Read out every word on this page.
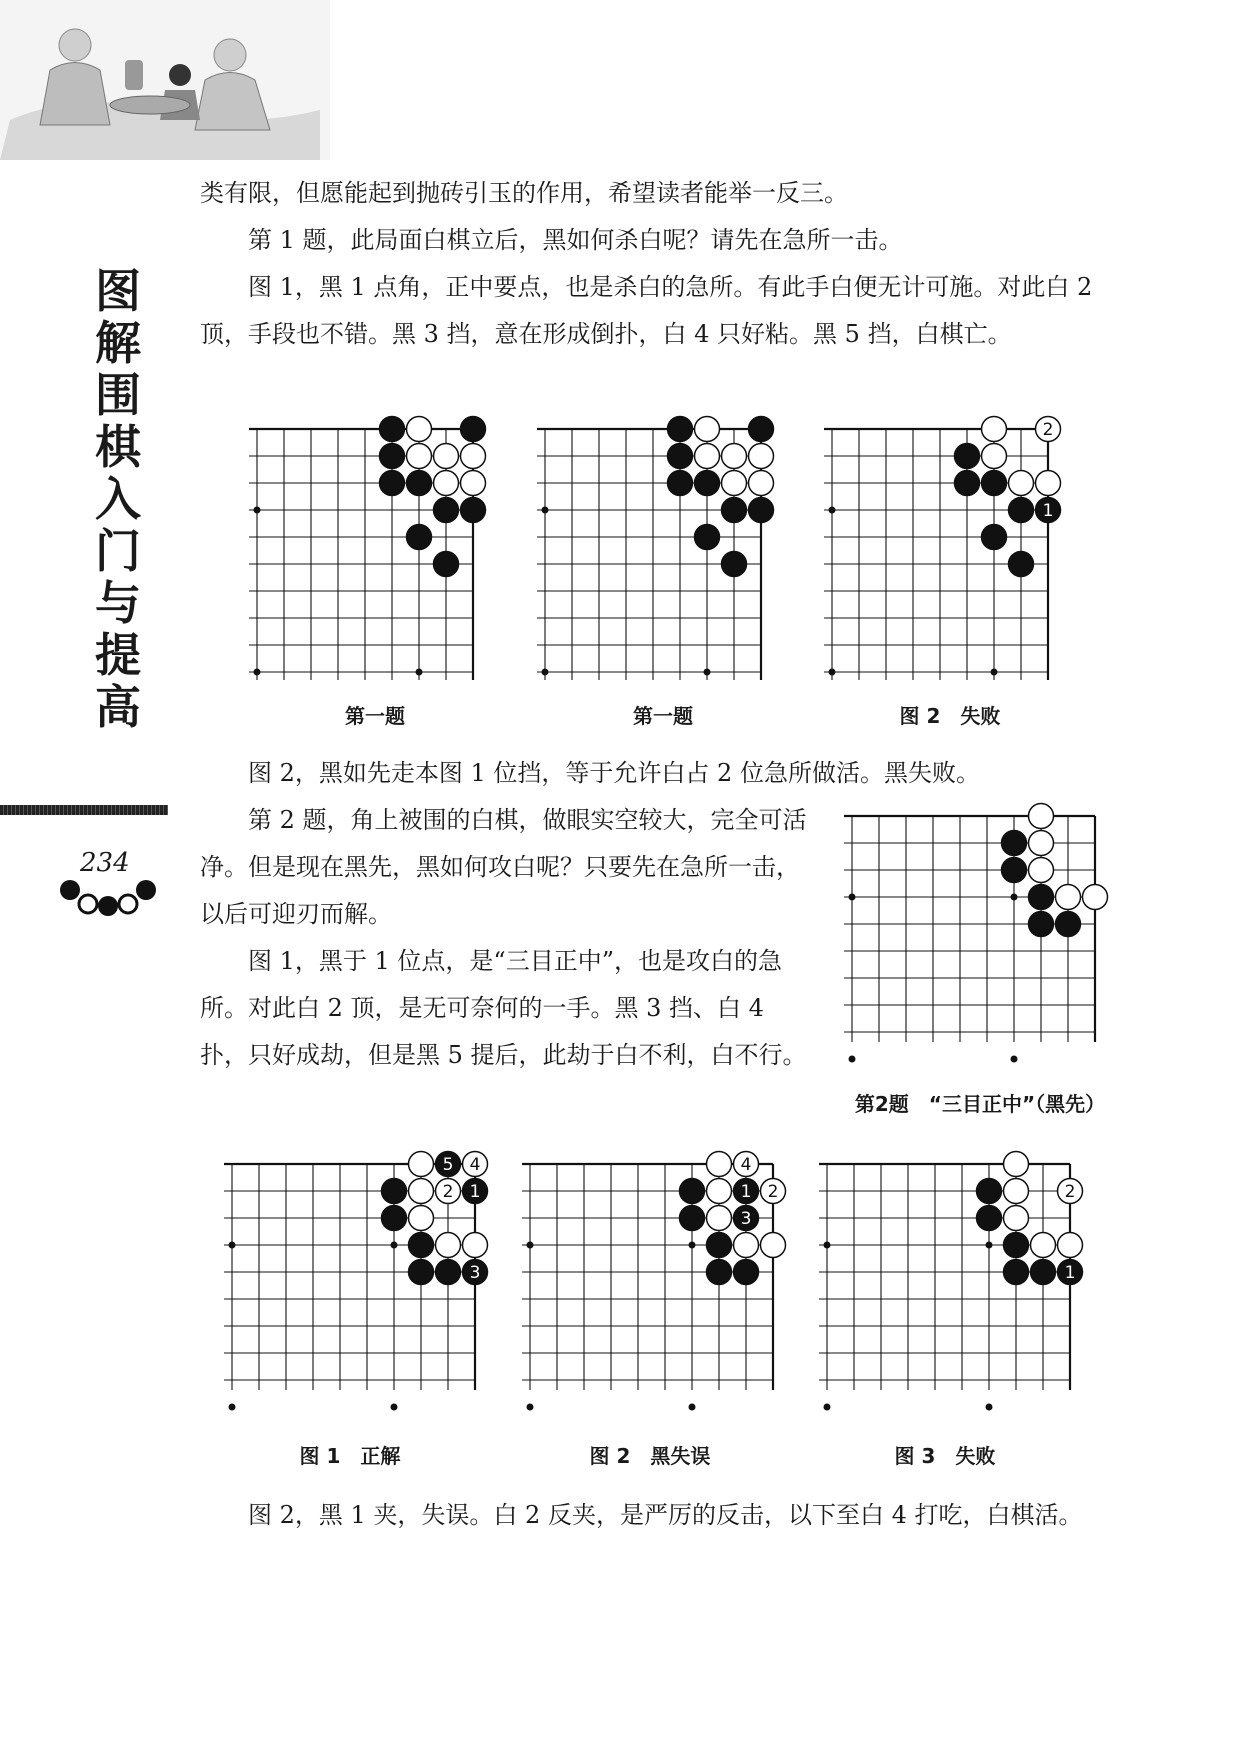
图
解
围
棋
入
门
与
提
高
234

类有限，但愿能起到抛砖引玉的作用，希望读者能举一反三。

第 1 题，此局面白棋立后，黑如何杀白呢？请先在急所一击。

图 1，黑 1 点角，正中要点，也是杀白的急所。有此手白便无计可施。对此白 2 顶，手段也不错。黑 3 挡，意在形成倒扑，白 4 只好粘。黑 5 挡，白棋亡。

2
1
第一题	第一题	图 2　失败

图 2，黑如先走本图 1 位挡，等于允许白占 2 位急所做活。黑失败。

第 2 题，角上被围的白棋，做眼实空较大，完全可活净。但是现在黑先，黑如何攻白呢？只要先在急所一击，以后可迎刃而解。

图 1，黑于 1 位点，是“三目正中”，也是攻白的急所。对此白 2 顶，是无可奈何的一手。黑 3 挡、白 4 扑，只好成劫，但是黑 5 提后，此劫于白不利，白不行。

第2题　“三目正中”（黑先）
5 4
2 1
3
4
1 2
3
2
1
图 1　正解	图 2　黑失误	图 3　失败

图 2，黑 1 夹，失误。白 2 反夹，是严厉的反击，以下至白 4 打吃，白棋活。
